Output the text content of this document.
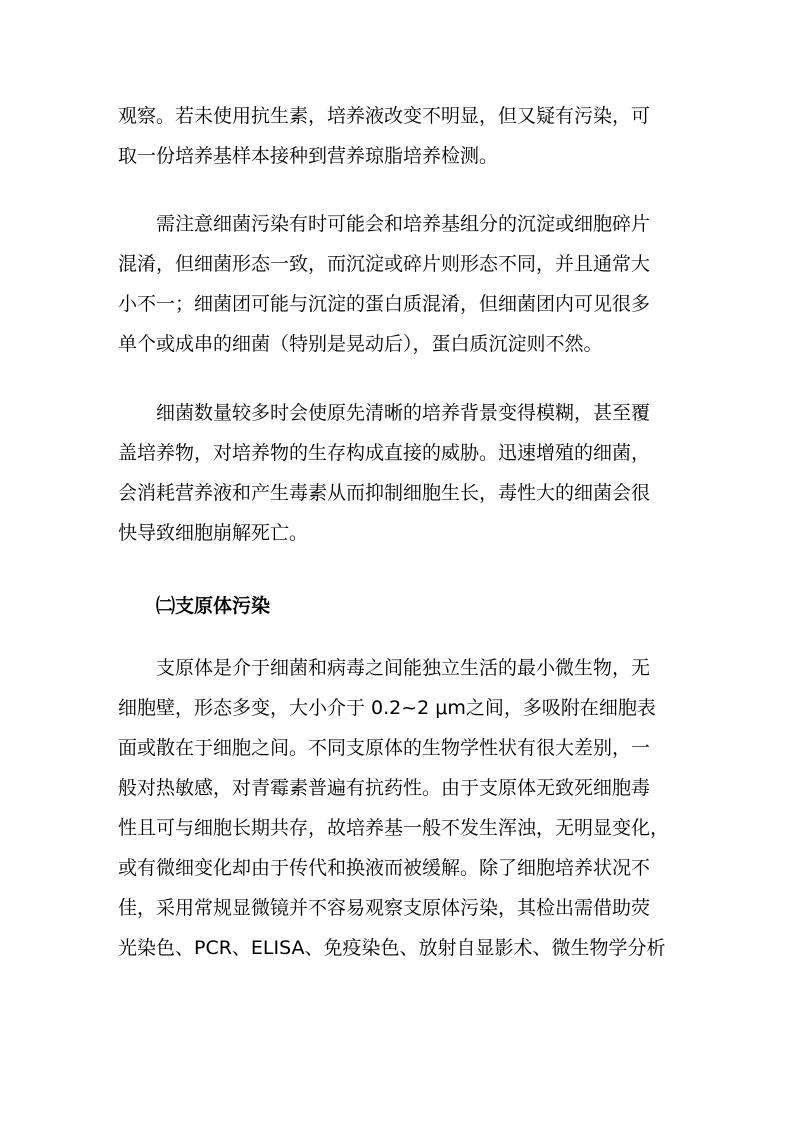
观察。若未使用抗生素，培养液改变不明显，但又疑有污染，可
取一份培养基样本接种到营养琼脂培养检测。
需注意细菌污染有时可能会和培养基组分的沉淀或细胞碎片
混淆，但细菌形态一致，而沉淀或碎片则形态不同，并且通常大
小不一；细菌团可能与沉淀的蛋白质混淆，但细菌团内可见很多
单个或成串的细菌（特别是晃动后），蛋白质沉淀则不然。
细菌数量较多时会使原先清晰的培养背景变得模糊，甚至覆
盖培养物，对培养物的生存构成直接的威胁。迅速增殖的细菌，
会消耗营养液和产生毒素从而抑制细胞生长，毒性大的细菌会很
快导致细胞崩解死亡。
㈡支原体污染
支原体是介于细菌和病毒之间能独立生活的最小微生物，无
细胞壁，形态多变，大小介于 0.2~2 μm之间，多吸附在细胞表
面或散在于细胞之间。不同支原体的生物学性状有很大差别，一
般对热敏感，对青霉素普遍有抗药性。由于支原体无致死细胞毒
性且可与细胞长期共存，故培养基一般不发生浑浊，无明显变化，
或有微细变化却由于传代和换液而被缓解。除了细胞培养状况不
佳，采用常规显微镜并不容易观察支原体污染，其检出需借助荧
光染色、PCR、ELISA、免疫染色、放射自显影术、微生物学分析
